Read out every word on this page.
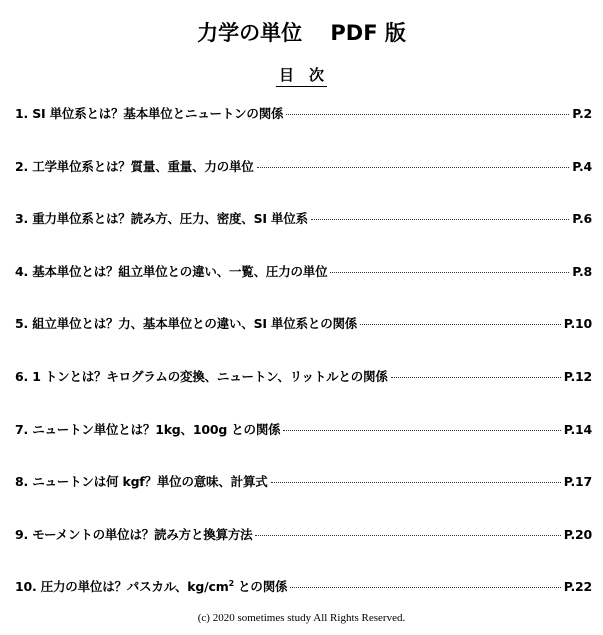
力学の単位　 PDF 版
目　次
1. SI 単位系とは？基本単位とニュートンの関係	P.2
2. 工学単位系とは？質量、重量、力の単位	P.4
3. 重力単位系とは？読み方、圧力、密度、SI 単位系	P.6
4. 基本単位とは？組立単位との違い、一覧、圧力の単位	P.8
5. 組立単位とは？力、基本単位との違い、SI 単位系との関係	P.10
6. 1 トンとは？キログラムの変換、ニュートン、リットルとの関係	P.12
7. ニュートン単位とは？1kg、100g との関係	P.14
8. ニュートンは何 kgf？単位の意味、計算式	P.17
9. モーメントの単位は？読み方と換算方法	P.20
10. 圧力の単位は？パスカル、$kg/cm^2$ との関係	P.22

(c) 2020 sometimes study All Rights Reserved.
